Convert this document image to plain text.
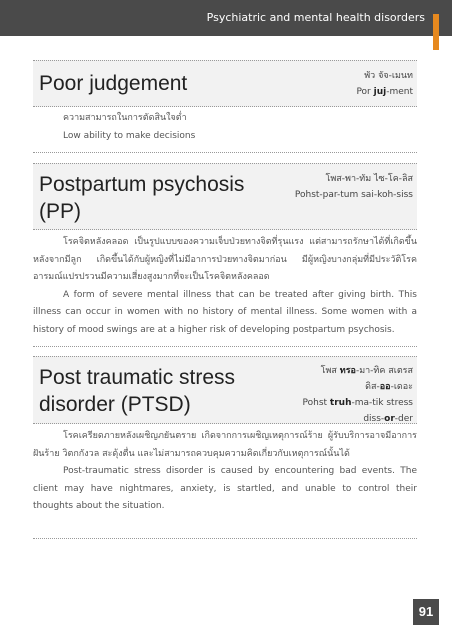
Psychiatric and mental health disorders
Poor judgement	พัว จัจ-เมนท
Por juj-ment

ความสามารถในการตัดสินใจต่ำ

Low ability to make decisions

Postpartum psychosis (PP)
โพส-พา-ทัม ไซ-โค-ลิส
Pohst-par-tum sai-koh-siss

โรคจิตหลังคลอด เป็นรูปแบบของความเจ็บป่วยทางจิตที่รุนแรง แต่สามารถรักษาได้ที่เกิดขึ้นหลังจากมีลูก เกิดขึ้นได้กับผู้หญิงที่ไม่มีอาการป่วยทางจิตมาก่อน มีผู้หญิงบางกลุ่มที่มีประวัติโรคอารมณ์แปรปรวนมีความเสี่ยงสูงมากที่จะเป็นโรคจิตหลังคลอด

A form of severe mental illness that can be treated after giving birth. This illness can occur in women with no history of mental illness. Some women with a history of mood swings are at a higher risk of developing postpartum psychosis.

Post traumatic stress disorder (PTSD)
โพส ทรอ-มา-ทิค สเตรส
ดิส-ออ-เดอะ
Pohst truh-ma-tik stress
diss-or-der

โรคเครียดภายหลังเผชิญภยันตราย เกิดจากการเผชิญเหตุการณ์ร้าย ผู้รับบริการอาจมีอาการฝันร้าย วิตกกังวล สะดุ้งตื่น และไม่สามารถควบคุมความคิดเกี่ยวกับเหตุการณ์นั้นได้

Post-traumatic stress disorder is caused by encountering bad events. The client may have nightmares, anxiety, is startled, and unable to control their thoughts about the situation.

91
